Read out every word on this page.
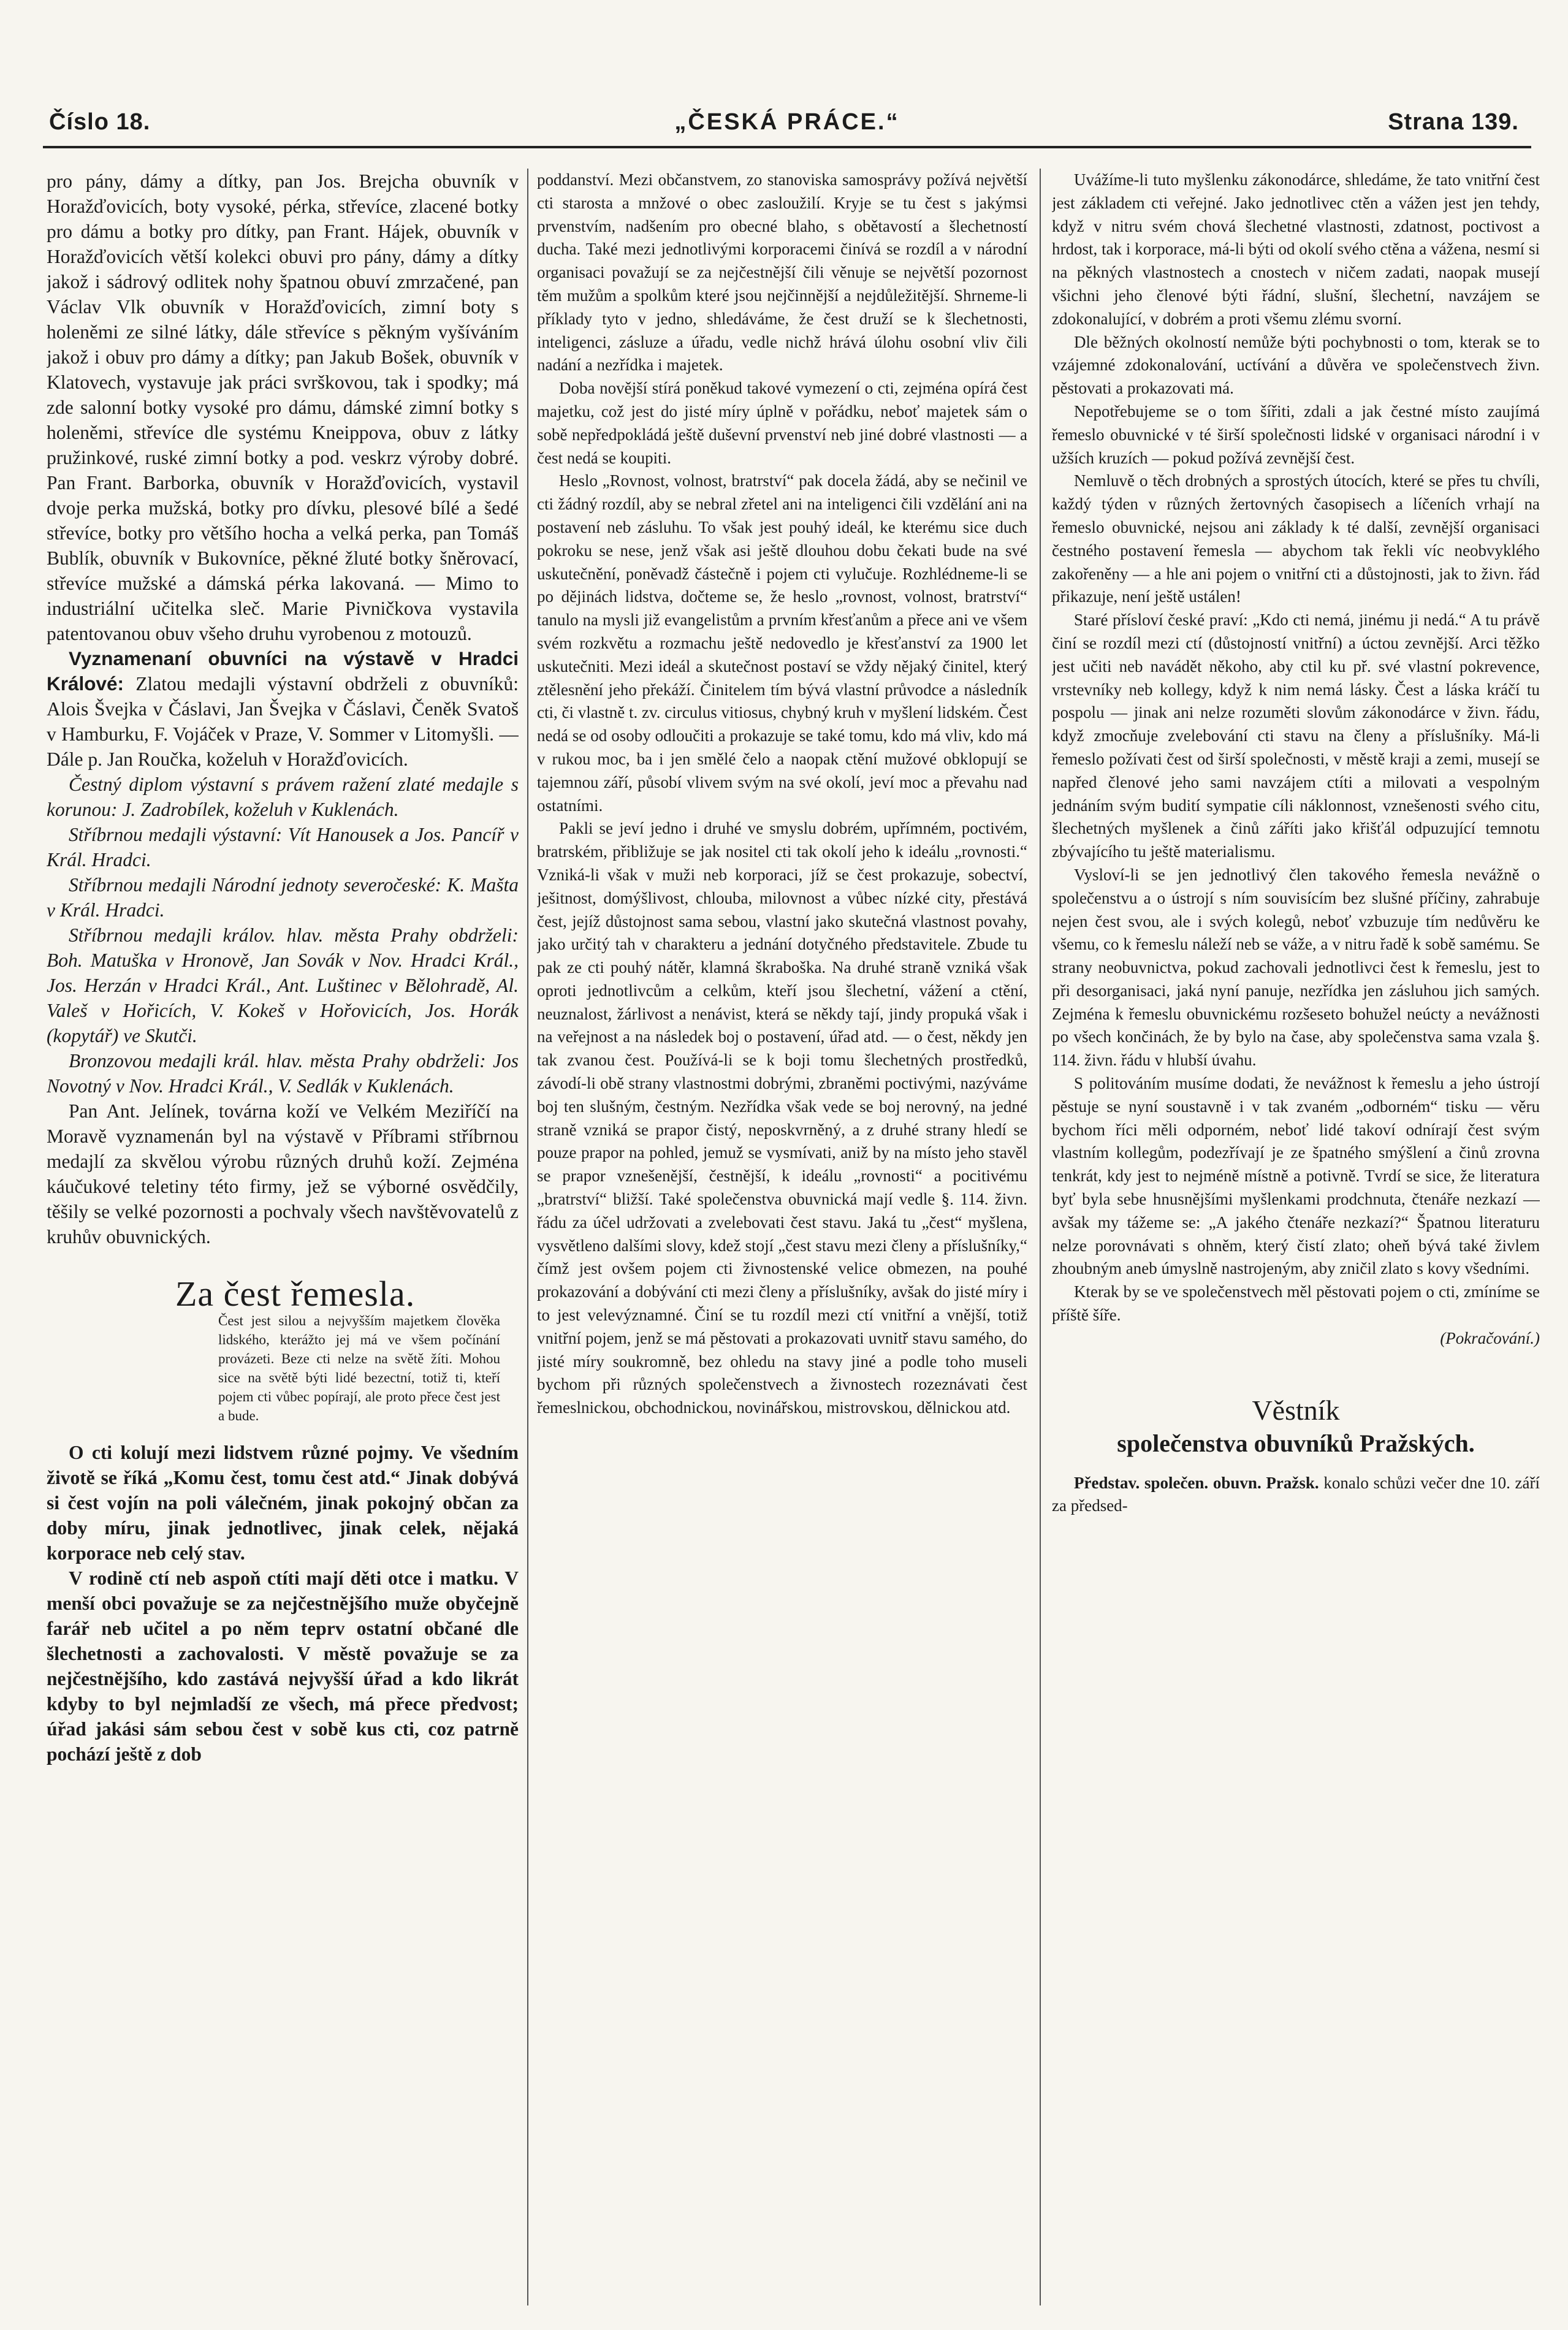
Číslo 18.	„ČESKÁ PRÁCE.“	Strana 139.

pro pány, dámy a dítky, pan Jos. Brejcha obuvník v Horažďovicích, boty vysoké, pérka, střevíce, zlacené botky pro dámu a botky pro dítky, pan Frant. Hájek, obuvník v Horažďovicích větší kolekci obuvi pro pány, dámy a dítky jakož i sádrový odlitek nohy špatnou obuví zmrzačené, pan Václav Vlk obuvník v Horažďovicích, zimní boty s holeněmi ze silné látky, dále střevíce s pěkným vyšíváním jakož i obuv pro dámy a dítky; pan Jakub Bošek, obuvník v Klatovech, vystavuje jak práci svrškovou, tak i spodky; má zde salonní botky vysoké pro dámu, dámské zimní botky s holeněmi, střevíce dle systému Kneippova, obuv z látky pružinkové, ruské zimní botky a pod. veskrz výroby dobré. Pan Frant. Barborka, obuvník v Horažďovicích, vystavil dvoje perka mužská, botky pro dívku, plesové bílé a šedé střevíce, botky pro většího hocha a velká perka, pan Tomáš Bublík, obuvník v Bukovníce, pěkné žluté botky šněrovací, střevíce mužské a dámská pérka lakovaná. — Mimo to industriální učitelka sleč. Marie Pivničkova vystavila patentovanou obuv všeho druhu vyrobenou z motouzů.

Vyznamenaní obuvníci na výstavě v Hradci Králové: Zlatou medajli výstavní obdrželi z obuvníků: Alois Švejka v Čáslavi, Jan Švejka v Čáslavi, Čeněk Svatoš v Hamburku, F. Vojáček v Praze, V. Sommer v Litomyšli. — Dále p. Jan Roučka, koželuh v Horažďovicích.

Čestný diplom výstavní s právem ražení zlaté medajle s korunou: J. Zadrobílek, koželuh v Kuklenách.

Stříbrnou medajli výstavní: Vít Hanousek a Jos. Pancíř v Král. Hradci.

Stříbrnou medajli Národní jednoty severočeské: K. Mašta v Král. Hradci.

Stříbrnou medajli králov. hlav. města Prahy obdrželi: Boh. Matuška v Hronově, Jan Sovák v Nov. Hradci Král., Jos. Herzán v Hradci Král., Ant. Luštinec v Bělohradě, Al. Valeš v Hořicích, V. Kokeš v Hořovicích, Jos. Horák (kopytář) ve Skutči.

Bronzovou medajli král. hlav. města Prahy obdrželi: Jos Novotný v Nov. Hradci Král., V. Sedlák v Kuklenách.

Pan Ant. Jelínek, továrna koží ve Velkém Meziříčí na Moravě vyznamenán byl na výstavě v Příbrami stříbrnou medajlí za skvělou výrobu různých druhů koží. Zejména káučukové teletiny této firmy, jež se výborné osvědčily, těšily se velké pozornosti a pochvaly všech navštěvovatelů z kruhův obuvnických.

Za čest řemesla.
Čest jest silou a nejvyšším majetkem člověka lidského, kterážto jej má ve všem počínání provázeti. Beze cti nelze na světě žíti. Mohou sice na světě býti lidé bezectní, totiž ti, kteří pojem cti vůbec popírají, ale proto přece čest jest a bude.

O cti kolují mezi lidstvem různé pojmy. Ve všedním životě se říká „Komu čest, tomu čest atd.“ Jinak dobývá si čest vojín na poli válečném, jinak pokojný občan za doby míru, jinak jednotlivec, jinak celek, nějaká korporace neb celý stav.

V rodině ctí neb aspoň ctíti mají děti otce i matku. V menší obci považuje se za nejčestnějšího muže obyčejně farář neb učitel a po něm teprv ostatní občané dle šlechetnosti a zachovalosti. V městě považuje se za nejčestnějšího, kdo zastává nejvyšší úřad a kdo likrát kdyby to byl nejmladší ze všech, má přece předvost; úřad jakási sám sebou čest v sobě kus cti, coz patrně pochází ještě z dob

poddanství. Mezi občanstvem, zo stanoviska samosprávy požívá největší cti starosta a mnžové o obec zasloužilí. Kryje se tu čest s jakýmsi prvenstvím, nadšením pro obecné blaho, s obětavostí a šlechetností ducha. Také mezi jednotlivými korporacemi činívá se rozdíl a v národní organisaci považují se za nejčestnější čili věnuje se největší pozornost těm mužům a spolkům které jsou nejčinnější a nejdůležitější. Shrneme-li příklady tyto v jedno, shledáváme, že čest druží se k šlechetnosti, inteligenci, zásluze a úřadu, vedle nichž hrává úlohu osobní vliv čili nadání a nezřídka i majetek.

Doba novější stírá poněkud takové vymezení o cti, zejména opírá čest majetku, což jest do jisté míry úplně v pořádku, neboť majetek sám o sobě nepředpokládá ještě duševní prvenství neb jiné dobré vlastnosti — a čest nedá se koupiti.

Heslo „Rovnost, volnost, bratrství“ pak docela žádá, aby se nečinil ve cti žádný rozdíl, aby se nebral zřetel ani na inteligenci čili vzdělání ani na postavení neb zásluhu. To však jest pouhý ideál, ke kterému sice duch pokroku se nese, jenž však asi ještě dlouhou dobu čekati bude na své uskutečnění, poněvadž částečně i pojem cti vylučuje. Rozhlédneme-li se po dějinách lidstva, dočteme se, že heslo „rovnost, volnost, bratrství“ tanulo na mysli již evangelistům a prvním křesťanům a přece ani ve všem svém rozkvětu a rozmachu ještě nedovedlo je křesťanství za 1900 let uskutečniti. Mezi ideál a skutečnost postaví se vždy nějaký činitel, který ztělesnění jeho překáží. Činitelem tím bývá vlastní průvodce a následník cti, či vlastně t. zv. circulus vitiosus, chybný kruh v myšlení lidském. Čest nedá se od osoby odloučiti a prokazuje se také tomu, kdo má vliv, kdo má v rukou moc, ba i jen smělé čelo a naopak ctění mužové obklopují se tajemnou září, působí vlivem svým na své okolí, jeví moc a převahu nad ostatními.

Pakli se jeví jedno i druhé ve smyslu dobrém, upřímném, poctivém, bratrském, přibližuje se jak nositel cti tak okolí jeho k ideálu „rovnosti.“ Vzniká-li však v muži neb korporaci, jíž se čest prokazuje, sobectví, ješitnost, domýšlivost, chlouba, milovnost a vůbec nízké city, přestává čest, jejíž důstojnost sama sebou, vlastní jako skutečná vlastnost povahy, jako určitý tah v charakteru a jednání dotyčného představitele. Zbude tu pak ze cti pouhý nátěr, klamná škraboška. Na druhé straně vzniká však oproti jednotlivcům a celkům, kteří jsou šlechetní, vážení a ctění, neuznalost, žárlivost a nenávist, která se někdy tají, jindy propuká však i na veřejnost a na následek boj o postavení, úřad atd. — o čest, někdy jen tak zvanou čest. Používá-li se k boji tomu šlechetných prostředků, závodí-li obě strany vlastnostmi dobrými, zbraněmi poctivými, nazýváme boj ten slušným, čestným. Nezřídka však vede se boj nerovný, na jedné straně vzniká se prapor čistý, neposkvrněný, a z druhé strany hledí se pouze prapor na pohled, jemuž se vysmívati, aniž by na místo jeho stavěl se prapor vznešenější, čestnější, k ideálu „rovnosti“ a pocitivému „bratrství“ bližší. Také společenstva obuvnická mají vedle §. 114. živn. řádu za účel udržovati a zvelebovati čest stavu. Jaká tu „čest“ myšlena, vysvětleno dalšími slovy, kdež stojí „čest stavu mezi členy a příslušníky,“ čímž jest ovšem pojem cti živnostenské velice obmezen, na pouhé prokazování a dobývání cti mezi členy a příslušníky, avšak do jisté míry i to jest velevýznamné. Činí se tu rozdíl mezi ctí vnitřní a vnější, totiž vnitřní pojem, jenž se má pěstovati a prokazovati uvnitř stavu samého, do jisté míry soukromně, bez ohledu na stavy jiné a podle toho museli bychom při různých společenstvech a živnostech rozeznávati čest řemeslnickou, obchodnickou, novinářskou, mistrovskou, dělnickou atd.

Uvážíme-li tuto myšlenku zákonodárce, shledáme, že tato vnitřní čest jest základem cti veřejné. Jako jednotlivec ctěn a vážen jest jen tehdy, když v nitru svém chová šlechetné vlastnosti, zdatnost, poctivost a hrdost, tak i korporace, má-li býti od okolí svého ctěna a vážena, nesmí si na pěkných vlastnostech a cnostech v ničem zadati, naopak musejí všichni jeho členové býti řádní, slušní, šlechetní, navzájem se zdokonalující, v dobrém a proti všemu zlému svorní.

Dle běžných okolností nemůže býti pochybnosti o tom, kterak se to vzájemné zdokonalování, uctívání a důvěra ve společenstvech živn. pěstovati a prokazovati má.

Nepotřebujeme se o tom šířiti, zdali a jak čestné místo zaujímá řemeslo obuvnické v té širší společnosti lidské v organisaci národní i v užších kruzích — pokud požívá zevnější čest.

Nemluvě o těch drobných a sprostých útocích, které se přes tu chvíli, každý týden v různých žertovných časopisech a líčeních vrhají na řemeslo obuvnické, nejsou ani základy k té další, zevnější organisaci čestného postavení řemesla — abychom tak řekli víc neobvyklého zakořeněny — a hle ani pojem o vnitřní cti a důstojnosti, jak to živn. řád přikazuje, není ještě ustálen!

Staré přísloví české praví: „Kdo cti nemá, jinému ji nedá.“ A tu právě činí se rozdíl mezi ctí (důstojností vnitřní) a úctou zevnější. Arci těžko jest učiti neb navádět někoho, aby ctil ku př. své vlastní pokrevence, vrstevníky neb kollegy, když k nim nemá lásky. Čest a láska kráčí tu pospolu — jinak ani nelze rozuměti slovům zákonodárce v živn. řádu, když zmocňuje zvelebování cti stavu na členy a příslušníky. Má-li řemeslo požívati čest od širší společnosti, v městě kraji a zemi, musejí se napřed členové jeho sami navzájem ctíti a milovati a vespolným jednáním svým budití sympatie cíli náklonnost, vznešenosti svého citu, šlechetných myšlenek a činů záříti jako křišťál odpuzující temnotu zbývajícího tu ještě materialismu.

Vysloví-li se jen jednotlivý člen takového řemesla nevážně o společenstvu a o ústrojí s ním souvisícím bez slušné příčiny, zahrabuje nejen čest svou, ale i svých kolegů, neboť vzbuzuje tím nedůvěru ke všemu, co k řemeslu náleží neb se váže, a v nitru řadě k sobě samému. Se strany neobuvnictva, pokud zachovali jednotlivci čest k řemeslu, jest to při desorganisaci, jaká nyní panuje, nezřídka jen zásluhou jich samých. Zejména k řemeslu obuvnickému rozšeseto bohužel neúcty a nevážnosti po všech končinách, že by bylo na čase, aby společenstva sama vzala §. 114. živn. řádu v hlubší úvahu.

S politováním musíme dodati, že nevážnost k řemeslu a jeho ústrojí pěstuje se nyní soustavně i v tak zvaném „odborném“ tisku — věru bychom říci měli odporném, neboť lidé takoví odnírají čest svým vlastním kollegům, podezřívají je ze špatného smýšlení a činů zrovna tenkrát, kdy jest to nejméně místně a potivně. Tvrdí se sice, že literatura byť byla sebe hnusnějšími myšlenkami prodchnuta, čtenáře nezkazí — avšak my tážeme se: „A jakého čtenáře nezkazí?“ Špatnou literaturu nelze porovnávati s ohněm, který čistí zlato; oheň bývá také živlem zhoubným aneb úmyslně nastrojeným, aby zničil zlato s kovy všedními.

Kterak by se ve společenstvech měl pěstovati pojem o cti, zmíníme se příště šíře.

(Pokračování.)

Věstník
společenstva obuvníků Pražských.

Představ. společen. obuvn. Pražsk. konalo schůzi večer dne 10. září za předsed-
